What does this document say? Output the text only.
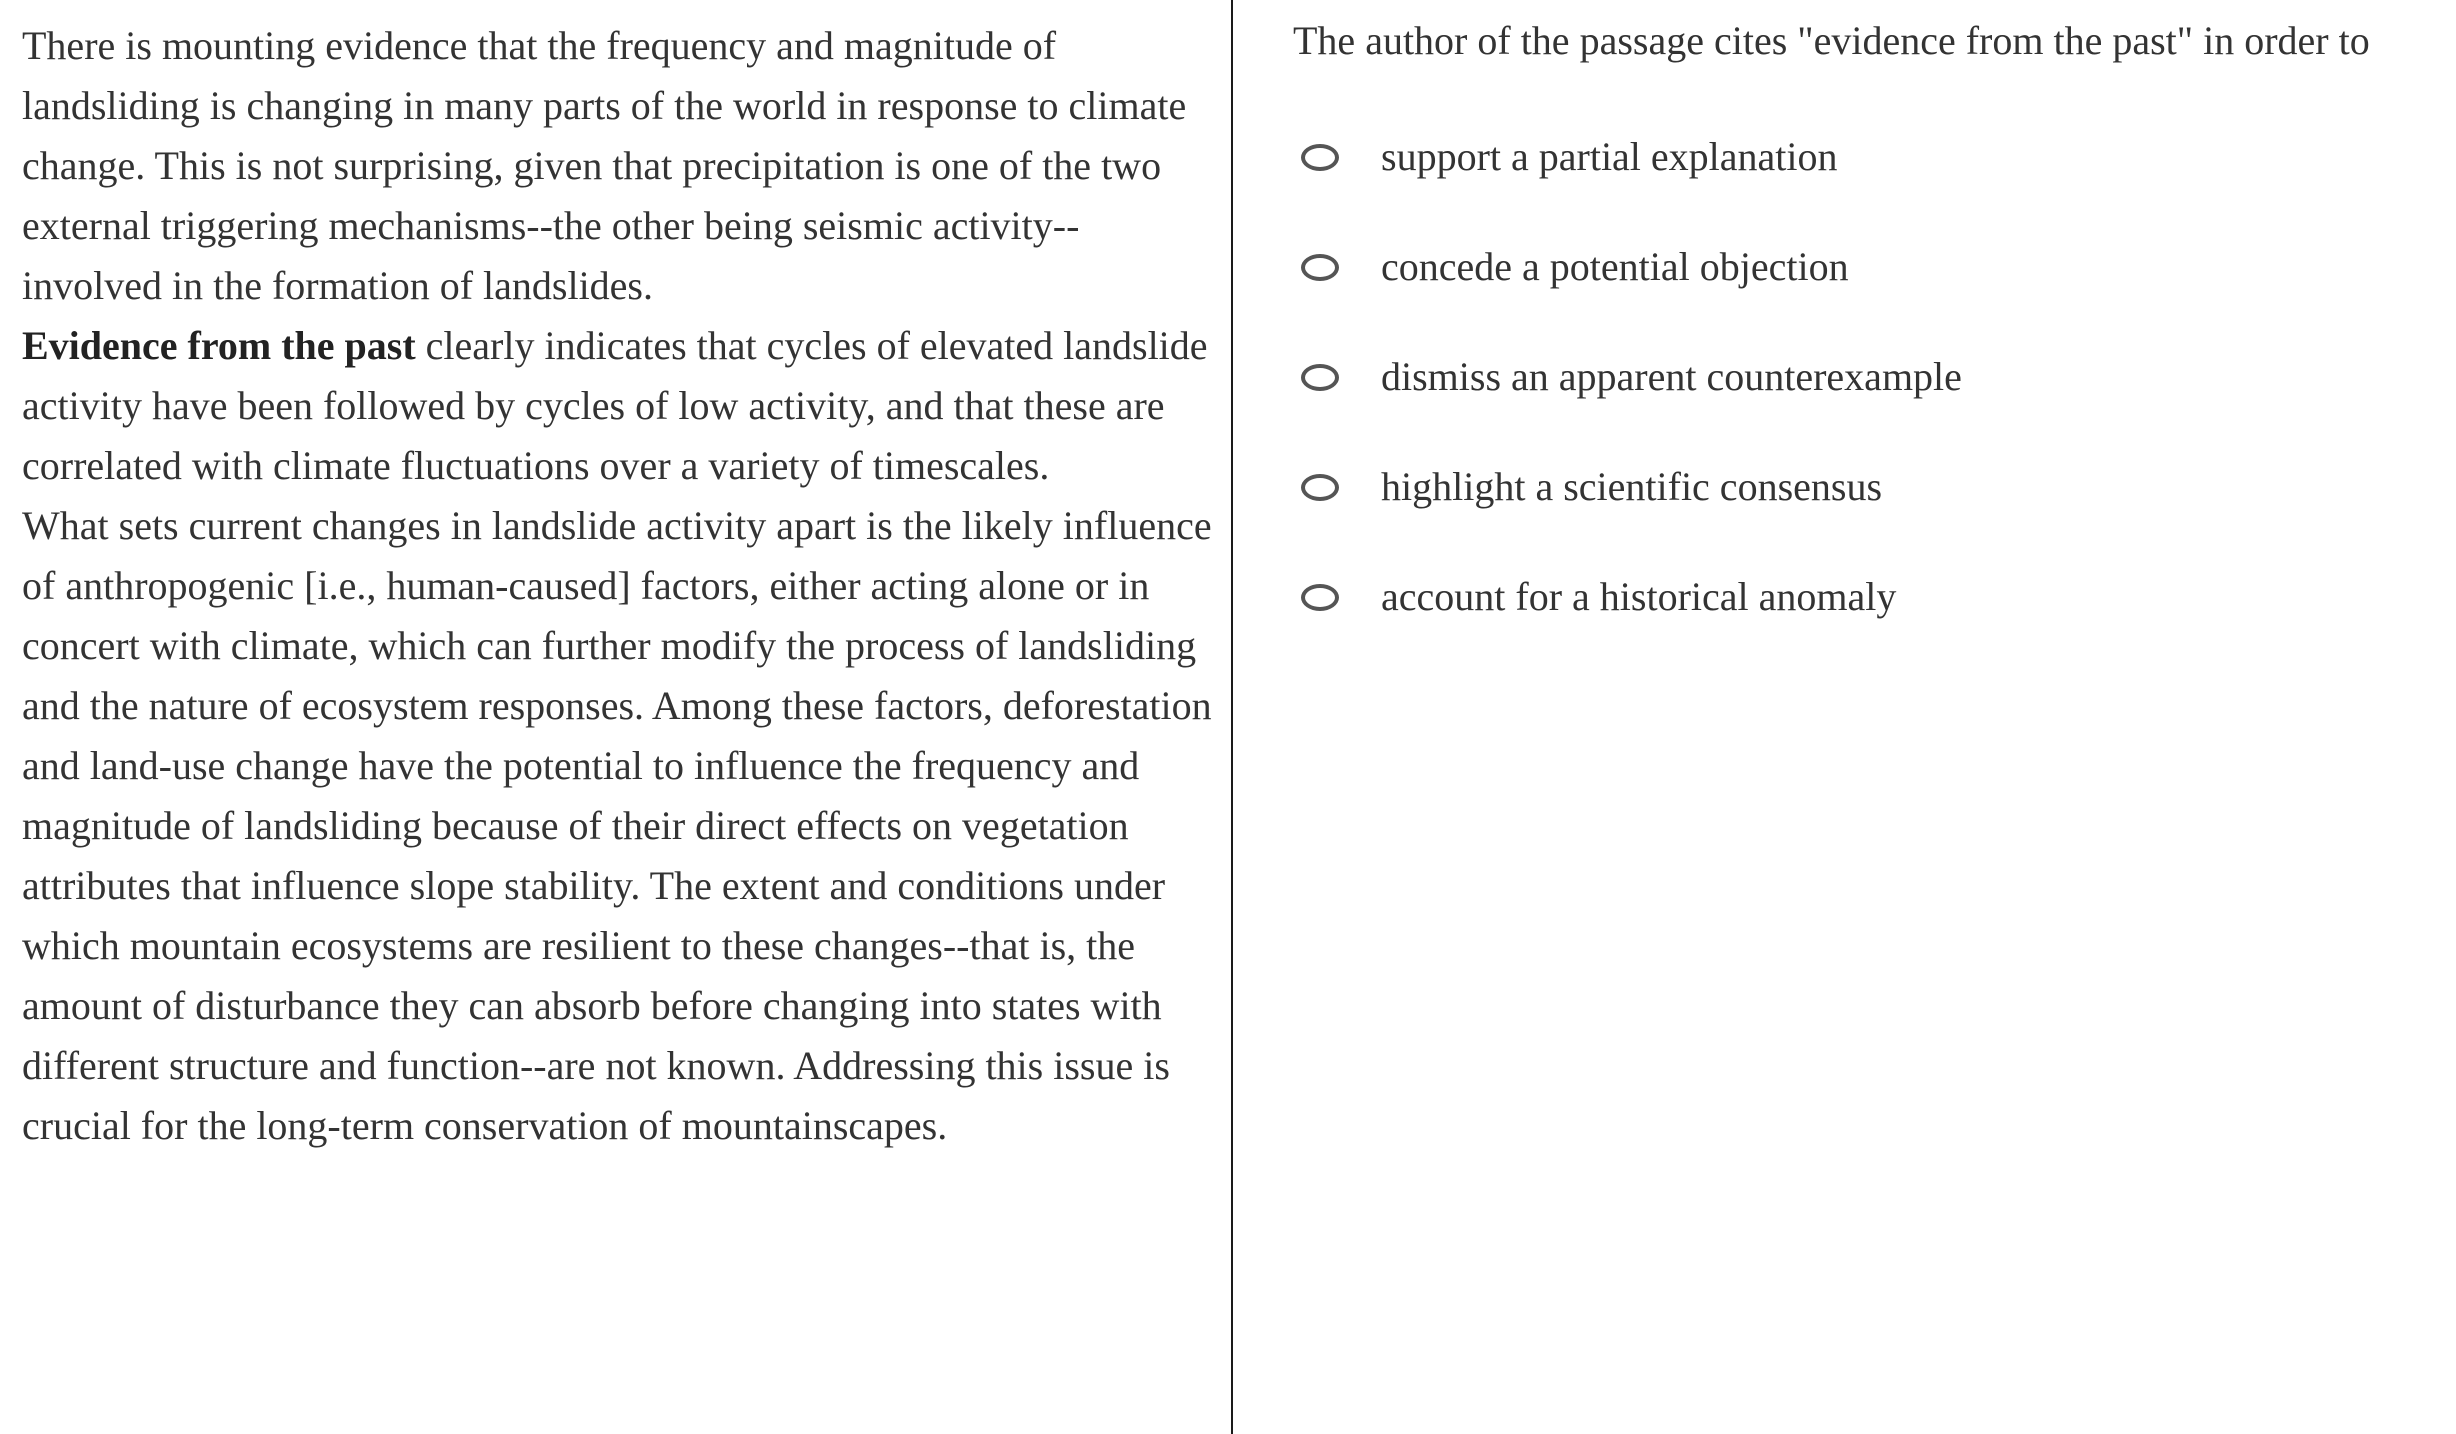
There is mounting evidence that the frequency and magnitude of landsliding is changing in many parts of the world in response to climate change. This is not surprising, given that precipitation is one of the two external triggering mechanisms--the other being seismic activity--involved in the formation of landslides.

Evidence from the past clearly indicates that cycles of elevated landslide activity have been followed by cycles of low activity, and that these are correlated with climate fluctuations over a variety of timescales.

What sets current changes in landslide activity apart is the likely influence of anthropogenic [i.e., human-caused] factors, either acting alone or in concert with climate, which can further modify the process of landsliding and the nature of ecosystem responses. Among these factors, deforestation and land-use change have the potential to influence the frequency and magnitude of landsliding because of their direct effects on vegetation attributes that influence slope stability. The extent and conditions under which mountain ecosystems are resilient to these changes--that is, the amount of disturbance they can absorb before changing into states with different structure and function--are not known. Addressing this issue is crucial for the long-term conservation of mountainscapes.

The author of the passage cites "evidence from the past" in order to

support a partial explanation
concede a potential objection
dismiss an apparent counterexample
highlight a scientific consensus
account for a historical anomaly
